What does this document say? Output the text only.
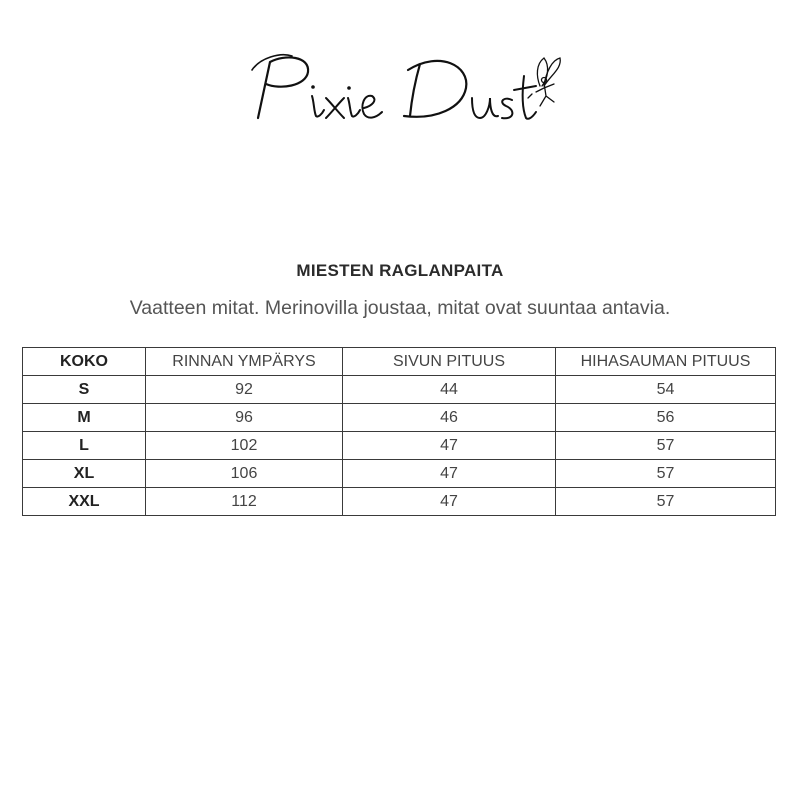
MIESTEN RAGLANPAITA
Vaatteen mitat. Merinovilla joustaa, mitat ovat suuntaa antavia.
KOKO	RINNAN YMPÄRYS	SIVUN PITUUS	HIHASAUMAN PITUUS
S	92	44	54
M	96	46	56
L	102	47	57
XL	106	47	57
XXL	112	47	57
